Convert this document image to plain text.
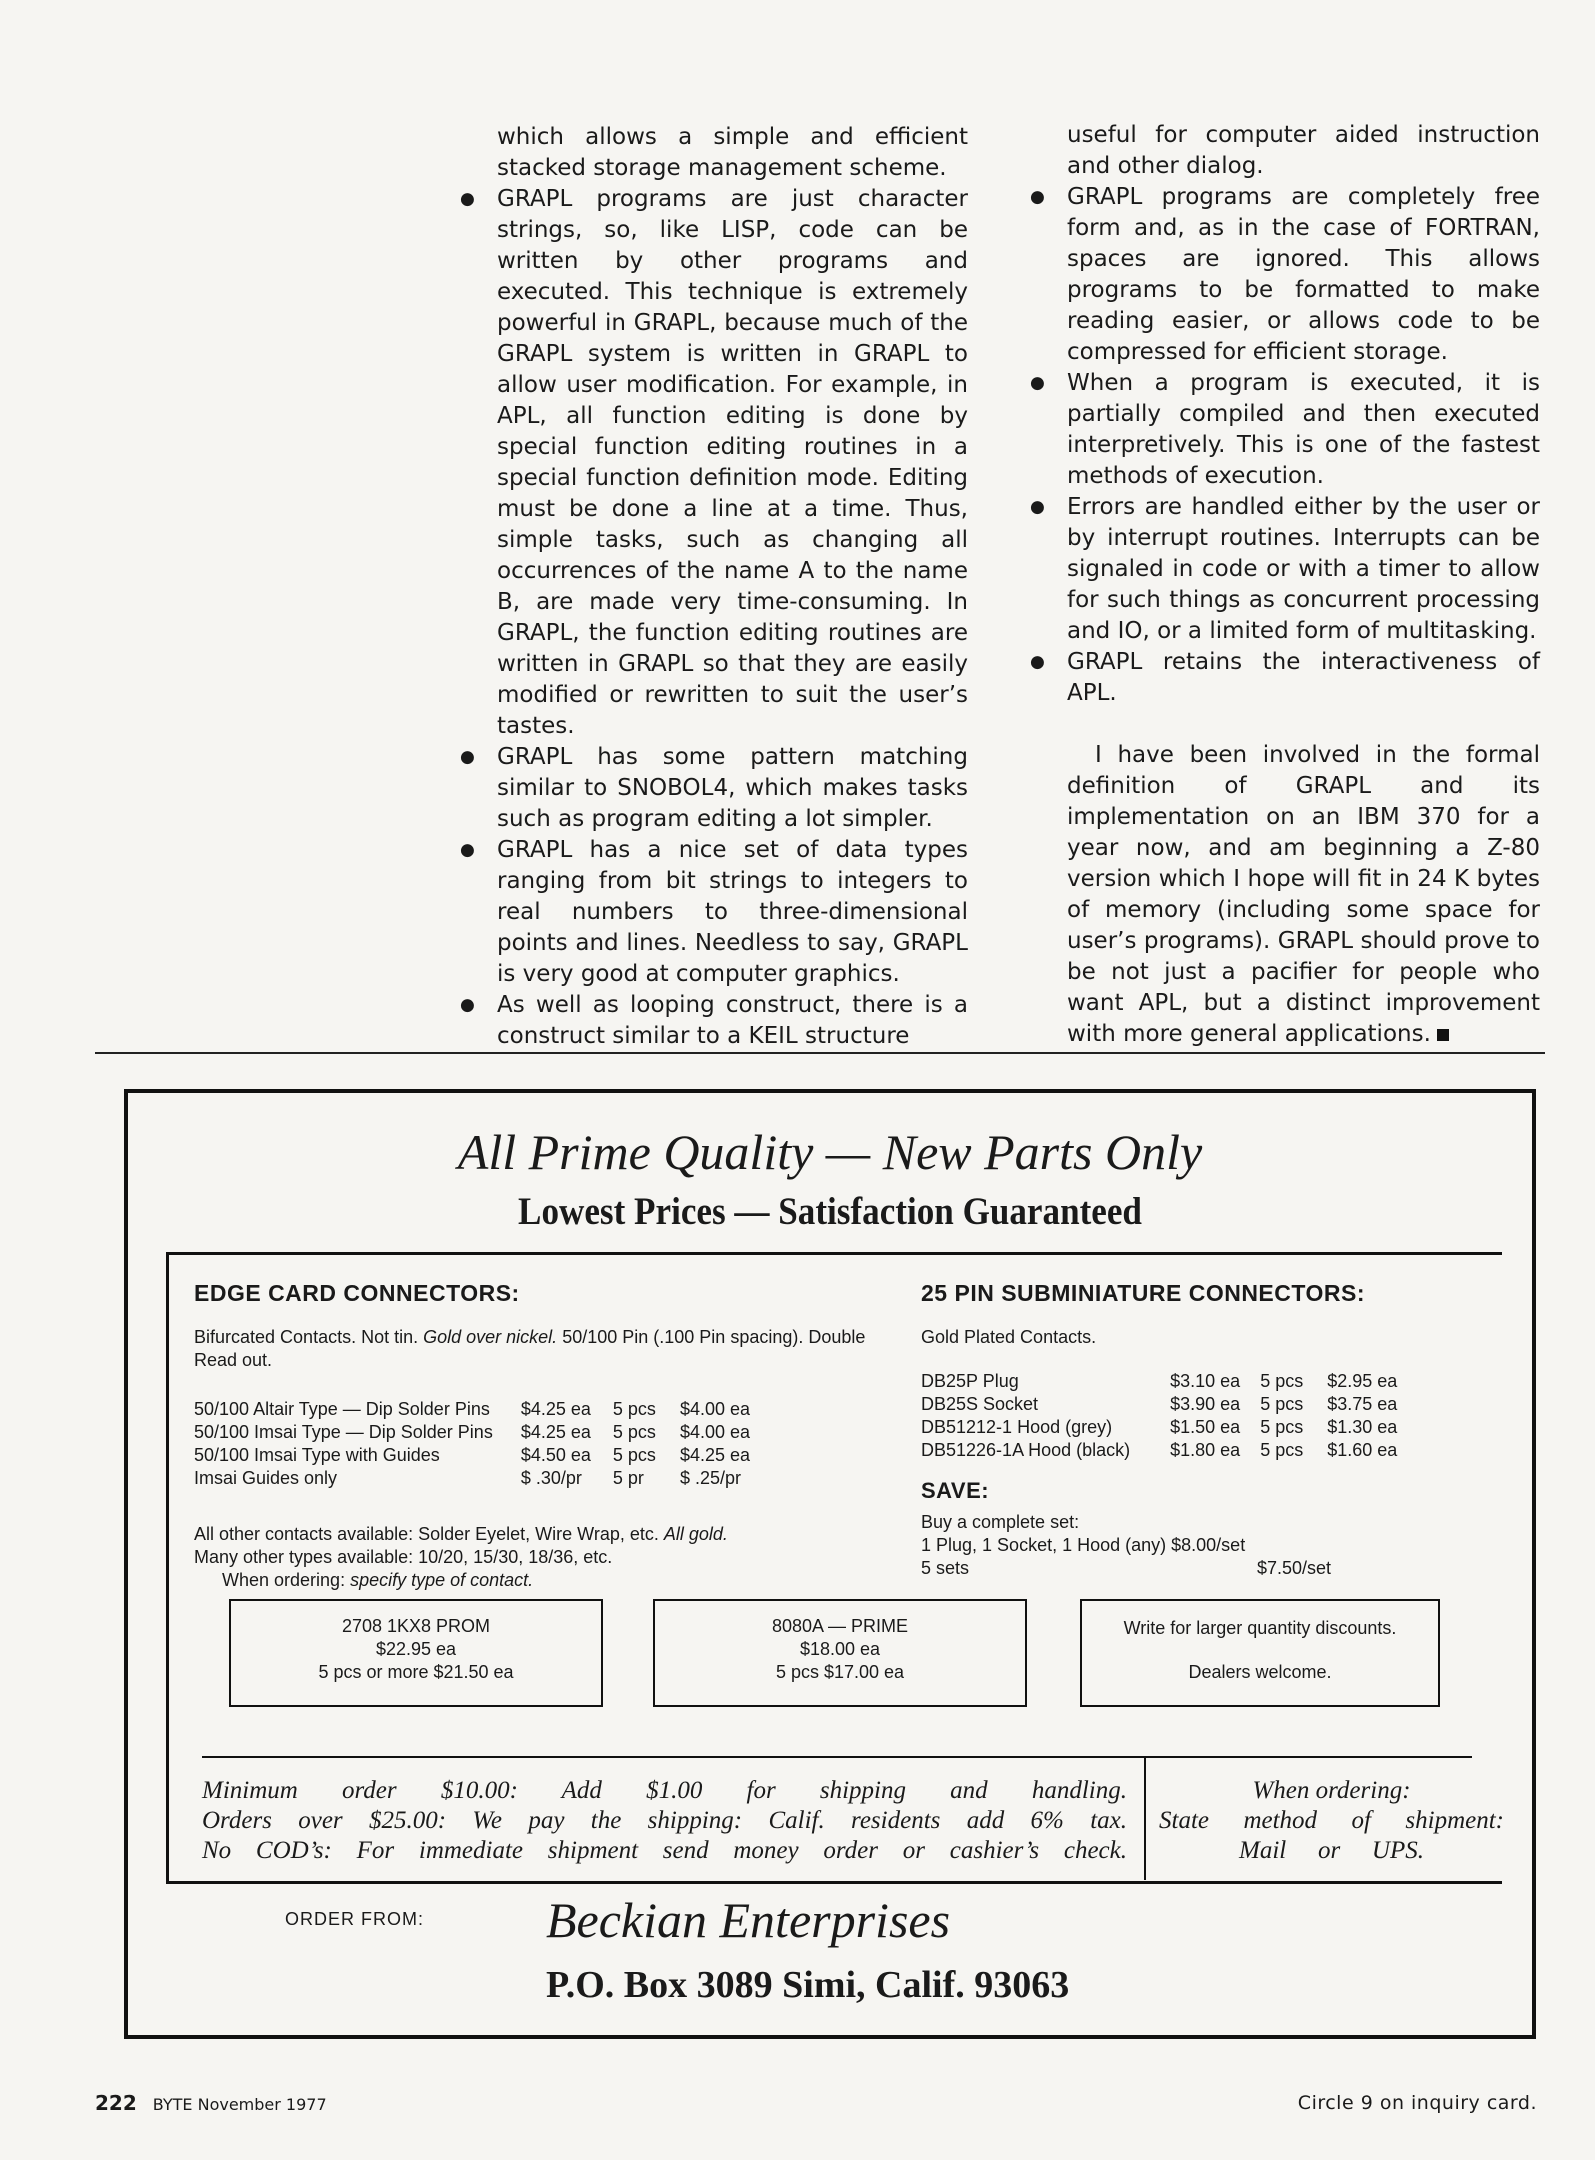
which allows a simple and efficient stacked storage management scheme.

● GRAPL programs are just character strings, so, like LISP, code can be written by other programs and executed. This technique is extremely powerful in GRAPL, because much of the GRAPL system is written in GRAPL to allow user modification. For example, in APL, all function editing is done by special function editing routines in a special function definition mode. Editing must be done a line at a time. Thus, simple tasks, such as changing all occurrences of the name A to the name B, are made very time-consuming. In GRAPL, the function editing routines are written in GRAPL so that they are easily modified or rewritten to suit the user’s tastes.
● GRAPL has some pattern matching similar to SNOBOL4, which makes tasks such as program editing a lot simpler.
● GRAPL has a nice set of data types ranging from bit strings to integers to real numbers to three-dimensional points and lines. Needless to say, GRAPL is very good at computer graphics.
● As well as looping construct, there is a construct similar to a KEIL structure

useful for computer aided instruction and other dialog.

● GRAPL programs are completely free form and, as in the case of FORTRAN, spaces are ignored. This allows programs to be formatted to make reading easier, or allows code to be compressed for efficient storage.
● When a program is executed, it is partially compiled and then executed interpretively. This is one of the fastest methods of execution.
● Errors are handled either by the user or by interrupt routines. Interrupts can be signaled in code or with a timer to allow for such things as concurrent processing and IO, or a limited form of multitasking.
● GRAPL retains the interactiveness of APL.

I have been involved in the formal definition of GRAPL and its implementation on an IBM 370 for a year now, and am beginning a Z-80 version which I hope will fit in 24 K bytes of memory (including some space for user’s programs). GRAPL should prove to be not just a pacifier for people who want APL, but a distinct improvement with more general applications.

All Prime Quality — New Parts Only
Lowest Prices — Satisfaction Guaranteed
EDGE CARD CONNECTORS:
Bifurcated Contacts. Not tin. Gold over nickel. 50/100 Pin (.100 Pin spacing). Double Read out.
50/100 Altair Type — Dip Solder Pins	$4.25 ea	5 pcs	$4.00 ea
50/100 Imsai Type — Dip Solder Pins	$4.25 ea	5 pcs	$4.00 ea
50/100 Imsai Type with Guides	$4.50 ea	5 pcs	$4.25 ea
Imsai Guides only	$ .30/pr	5 pr	$ .25/pr
All other contacts available: Solder Eyelet, Wire Wrap, etc. All gold.
Many other types available: 10/20, 15/30, 18/36, etc.
When ordering: specify type of contact.
25 PIN SUBMINIATURE CONNECTORS:
Gold Plated Contacts.
DB25P Plug	$3.10 ea	5 pcs	$2.95 ea
DB25S Socket	$3.90 ea	5 pcs	$3.75 ea
DB51212-1 Hood (grey)	$1.50 ea	5 pcs	$1.30 ea
DB51226-1A Hood (black)	$1.80 ea	5 pcs	$1.60 ea
SAVE:
Buy a complete set:
1 Plug, 1 Socket, 1 Hood (any) $8.00/set
5 sets	$7.50/set
2708 1KX8 PROM
$22.95 ea
5 pcs or more $21.50 ea
8080A — PRIME
$18.00 ea
5 pcs $17.00 ea
Write for larger quantity discounts.
Dealers welcome.
Minimum order $10.00: Add $1.00 for shipping and handling.
Orders over $25.00: We pay the shipping: Calif. residents add 6% tax.
No COD’s: For immediate shipment send money order or cashier’s check.
When ordering:
State method of shipment:
Mail or UPS.
ORDER FROM: Beckian Enterprises
P.O. Box 3089 Simi, Calif. 93063
222 BYTE November 1977	Circle 9 on inquiry card.
